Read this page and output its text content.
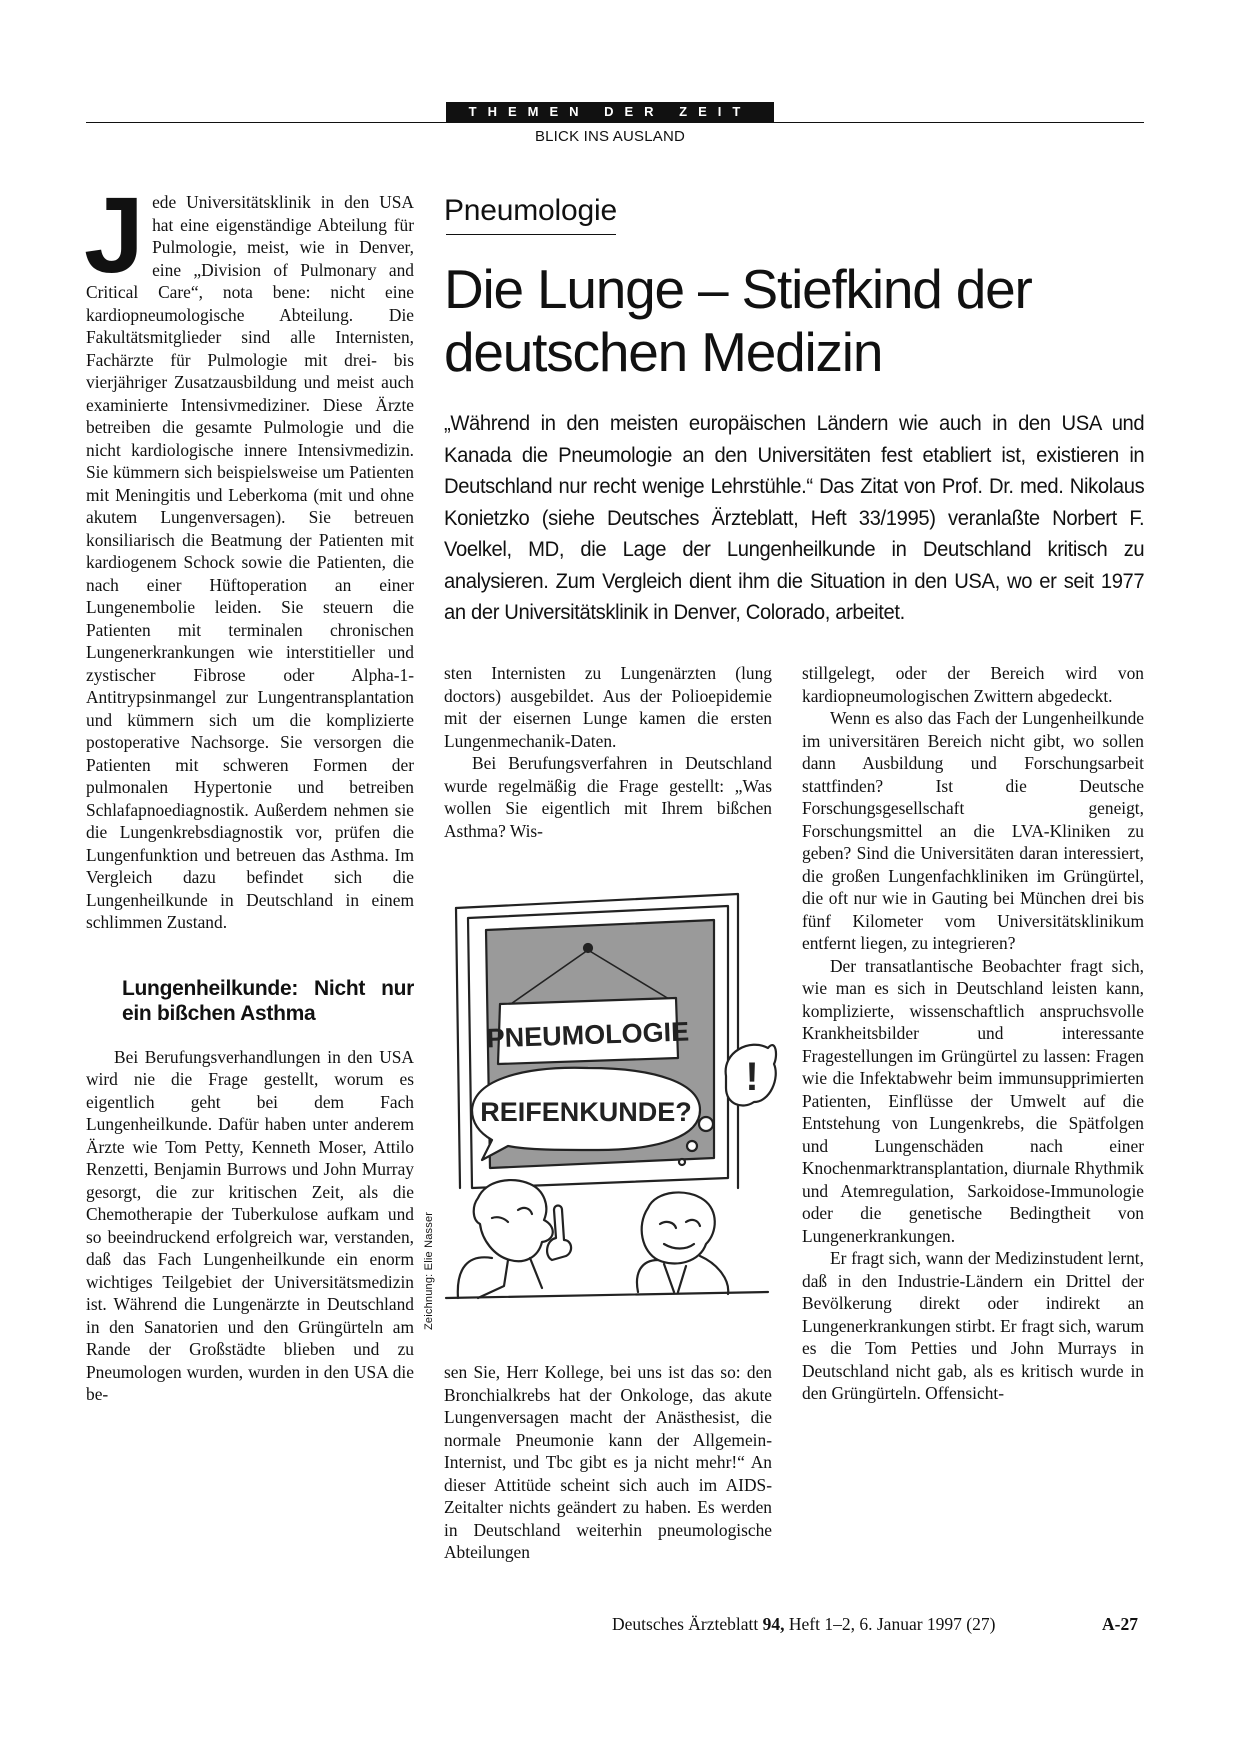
THEMEN DER ZEIT
BLICK INS AUSLAND

Jede Universitätsklinik in den USA hat eine eigenständige Abteilung für Pulmologie, meist, wie in Denver, eine „Division of Pulmonary and Critical Care“, nota bene: nicht eine kardiopneumologische Abteilung. Die Fakultätsmitglieder sind alle Internisten, Fachärzte für Pulmologie mit drei- bis vierjähriger Zusatzausbildung und meist auch examinierte Intensivmediziner. Diese Ärzte betreiben die gesamte Pulmologie und die nicht kardiologische innere Intensivmedizin. Sie kümmern sich beispielsweise um Patienten mit Meningitis und Leberkoma (mit und ohne akutem Lungenversagen). Sie betreuen konsiliarisch die Beatmung der Patienten mit kardiogenem Schock sowie die Patienten, die nach einer Hüftoperation an einer Lungenembolie leiden. Sie steuern die Patienten mit terminalen chronischen Lungenerkrankungen wie interstitieller und zystischer Fibrose oder Alpha-1-Antitrypsinmangel zur Lungentransplantation und kümmern sich um die komplizierte postoperative Nachsorge. Sie versorgen die Patienten mit schweren Formen der pulmonalen Hypertonie und betreiben Schlafapnoediagnostik. Außerdem nehmen sie die Lungenkrebsdiagnostik vor, prüfen die Lungenfunktion und betreuen das Asthma. Im Vergleich dazu befindet sich die Lungenheilkunde in Deutschland in einem schlimmen Zustand.

Lungenheilkunde: Nicht nur ein bißchen Asthma

Bei Berufungsverhandlungen in den USA wird nie die Frage gestellt, worum es eigentlich geht bei dem Fach Lungenheilkunde. Dafür haben unter anderem Ärzte wie Tom Petty, Kenneth Moser, Attilo Renzetti, Benjamin Burrows und John Murray gesorgt, die zur kritischen Zeit, als die Chemotherapie der Tuberkulose aufkam und so beeindruckend erfolgreich war, verstanden, daß das Fach Lungenheilkunde ein enorm wichtiges Teilgebiet der Universitätsmedizin ist. Während die Lungenärzte in Deutschland in den Sanatorien und den Grüngürteln am Rande der Großstädte blieben und zu Pneumologen wurden, wurden in den USA die be-

Pneumologie
Die Lunge – Stiefkind der deutschen Medizin

„Während in den meisten europäischen Ländern wie auch in den USA und Kanada die Pneumologie an den Universitäten fest etabliert ist, existieren in Deutschland nur recht wenige Lehrstühle.“ Das Zitat von Prof. Dr. med. Nikolaus Konietzko (siehe Deutsches Ärzteblatt, Heft 33/1995) veranlaßte Norbert F. Voelkel, MD, die Lage der Lungenheilkunde in Deutschland kritisch zu analysieren. Zum Vergleich dient ihm die Situation in den USA, wo er seit 1977 an der Universitätsklinik in Denver, Colorado, arbeitet.

sten Internisten zu Lungenärzten (lung doctors) ausgebildet. Aus der Polioepidemie mit der eisernen Lunge kamen die ersten Lungenmechanik-Daten.

Bei Berufungsverfahren in Deutschland wurde regelmäßig die Frage gestellt: „Was wollen Sie eigentlich mit Ihrem bißchen Asthma? Wis-

PNEUMOLOGIE
REIFENKUNDE?
!
Zeichnung: Elie Nasser

sen Sie, Herr Kollege, bei uns ist das so: den Bronchialkrebs hat der Onkologe, das akute Lungenversagen macht der Anästhesist, die normale Pneumonie kann der Allgemein-Internist, und Tbc gibt es ja nicht mehr!“ An dieser Attitüde scheint sich auch im AIDS-Zeitalter nichts geändert zu haben. Es werden in Deutschland weiterhin pneumologische Abteilungen

stillgelegt, oder der Bereich wird von kardiopneumologischen Zwittern abgedeckt.

Wenn es also das Fach der Lungenheilkunde im universitären Bereich nicht gibt, wo sollen dann Ausbildung und Forschungsarbeit stattfinden? Ist die Deutsche Forschungsgesellschaft geneigt, Forschungsmittel an die LVA-Kliniken zu geben? Sind die Universitäten daran interessiert, die großen Lungenfachkliniken im Grüngürtel, die oft nur wie in Gauting bei München drei bis fünf Kilometer vom Universitätsklinikum entfernt liegen, zu integrieren?

Der transatlantische Beobachter fragt sich, wie man es sich in Deutschland leisten kann, komplizierte, wissenschaftlich anspruchsvolle Krankheitsbilder und interessante Fragestellungen im Grüngürtel zu lassen: Fragen wie die Infektabwehr beim immunsupprimierten Patienten, Einflüsse der Umwelt auf die Entstehung von Lungenkrebs, die Spätfolgen und Lungenschäden nach einer Knochenmarktransplantation, diurnale Rhythmik und Atemregulation, Sarkoidose-Immunologie oder die genetische Bedingtheit von Lungenerkrankungen.

Er fragt sich, wann der Medizinstudent lernt, daß in den Industrie-Ländern ein Drittel der Bevölkerung direkt oder indirekt an Lungenerkrankungen stirbt. Er fragt sich, warum es die Tom Petties und John Murrays in Deutschland nicht gab, als es kritisch wurde in den Grüngürteln. Offensicht-

Deutsches Ärzteblatt 94, Heft 1–2, 6. Januar 1997 (27)	A-27
